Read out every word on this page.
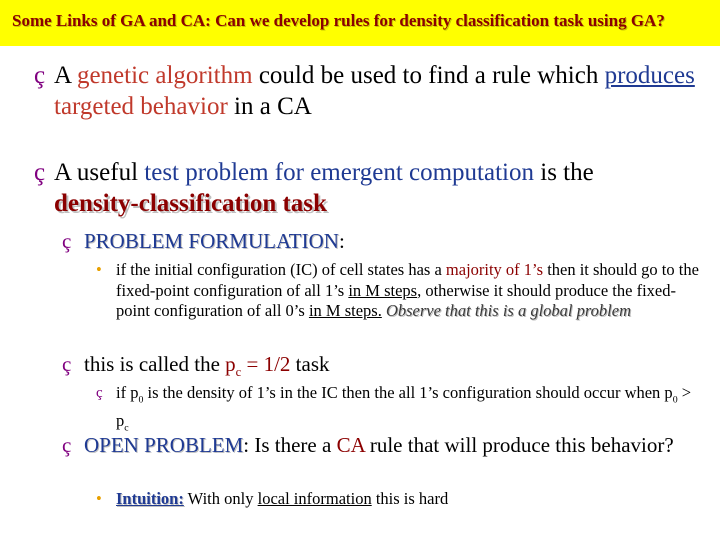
Some Links of GA and CA: Can we develop rules for density classification task using GA?

ç A genetic algorithm could be used to find a rule which produces targeted behavior in a CA
ç A useful test problem for emergent computation is the
density-classification task
ç PROBLEM FORMULATION:
• if the initial configuration (IC) of cell states has a majority of 1’s then it should go to the fixed-point configuration of all 1’s in M steps, otherwise it should produce the fixed-point configuration of all 0’s in M steps. Observe that this is a global problem
ç this is called the $p_c = 1/2$ task
ç if $p_0$ is the density of 1’s in the IC then the all 1’s configuration should occur when $p_0 > p_c$
ç OPEN PROBLEM: Is there a CA rule that will produce this behavior?
• Intuition: With only local information this is hard
